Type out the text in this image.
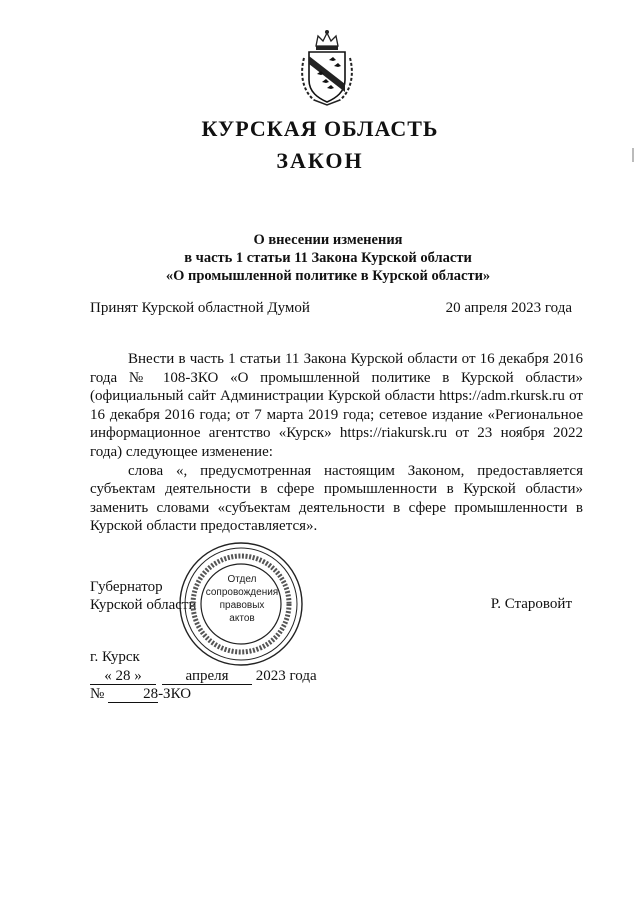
КУРСКАЯ ОБЛАСТЬ
ЗАКОН
О внесении изменения
в часть 1 статьи 11 Закона Курской области
«О промышленной политике в Курской области»
Принят Курской областной Думой	20 апреля 2023 года

Внести в часть 1 статьи 11 Закона Курской области от 16 декабря 2016 года № 108-ЗКО «О промышленной политике в Курской области» (официальный сайт Администрации Курской области https://adm.rkursk.ru от 16 декабря 2016 года; от 7 марта 2019 года; сетевое издание «Региональное информационное агентство «Курск» https://riakursk.ru от 23 ноября 2022 года) следующее изменение:

слова «, предусмотренная настоящим Законом, предоставляется субъектам деятельности в сфере промышленности в Курской области» заменить словами «субъектам деятельности в сфере промышленности в Курской области предоставляется».

Губернатор
Курской области
Отдел
сопровождения
правовых
актов
Р. Старовойт
г. Курск
« 28 »	апреля 2023 года
№	28-ЗКО
